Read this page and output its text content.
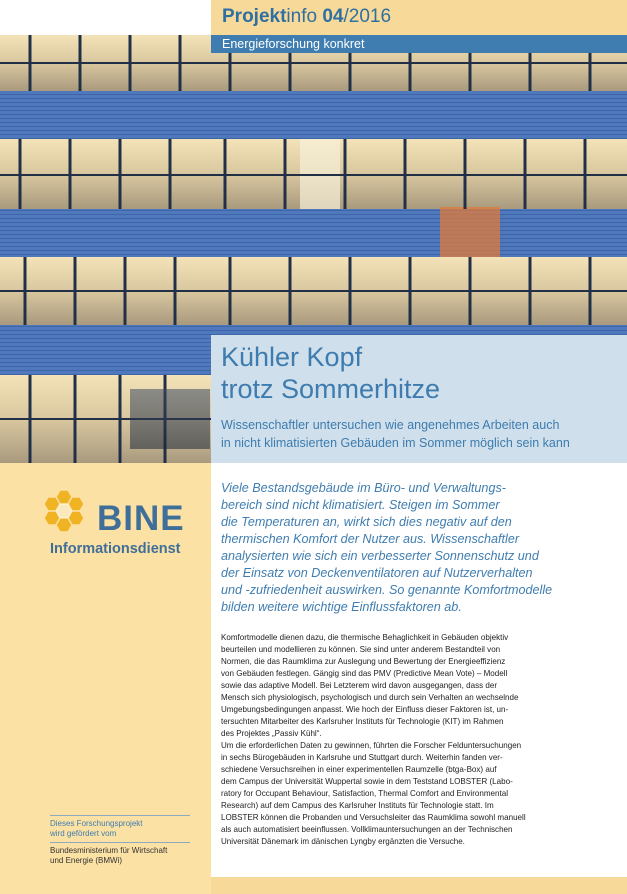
Projektinfo 04/2016
Energieforschung konkret
Kühler Kopf
trotz Sommerhitze
Wissenschaftler untersuchen wie angenehmes Arbeiten auch
in nicht klimatisierten Gebäuden im Sommer möglich sein kann
BINE
Informationsdienst
Dieses Forschungsprojekt
wird gefördert vom
Bundesministerium für Wirtschaft
und Energie (BMWi)
Viele Bestandsgebäude im Büro- und Verwaltungs-
bereich sind nicht klimatisiert. Steigen im Sommer
die Temperaturen an, wirkt sich dies negativ auf den
thermischen Komfort der Nutzer aus. Wissenschaftler
analysierten wie sich ein verbesserter Sonnenschutz und
der Einsatz von Deckenventilatoren auf Nutzerverhalten
und -zufriedenheit auswirken. So genannte Komfortmodelle
bilden weitere wichtige Einflussfaktoren ab.
Komfortmodelle dienen dazu, die thermische Behaglichkeit in Gebäuden objektiv
beurteilen und modellieren zu können. Sie sind unter anderem Bestandteil von
Normen, die das Raumklima zur Auslegung und Bewertung der Energieeffizienz
von Gebäuden festlegen. Gängig sind das PMV (Predictive Mean Vote) – Modell
sowie das adaptive Modell. Bei Letzterem wird davon ausgegangen, dass der
Mensch sich physiologisch, psychologisch und durch sein Verhalten an wechselnde
Umgebungsbedingungen anpasst. Wie hoch der Einfluss dieser Faktoren ist, un-
tersuchten Mitarbeiter des Karlsruher Instituts für Technologie (KIT) im Rahmen
des Projektes „Passiv Kühl“.
Um die erforderlichen Daten zu gewinnen, führten die Forscher Felduntersuchungen
in sechs Bürogebäuden in Karlsruhe und Stuttgart durch. Weiterhin fanden ver-
schiedene Versuchsreihen in einer experimentellen Raumzelle (btga-Box) auf
dem Campus der Universität Wuppertal sowie in dem Teststand LOBSTER (Labo-
ratory for Occupant Behaviour, Satisfaction, Thermal Comfort and Environmental
Research) auf dem Campus des Karlsruher Instituts für Technologie statt. Im
LOBSTER können die Probanden und Versuchsleiter das Raumklima sowohl manuell
als auch automatisiert beeinflussen. Vollklimauntersuchungen an der Technischen
Universität Dänemark im dänischen Lyngby ergänzten die Versuche.
